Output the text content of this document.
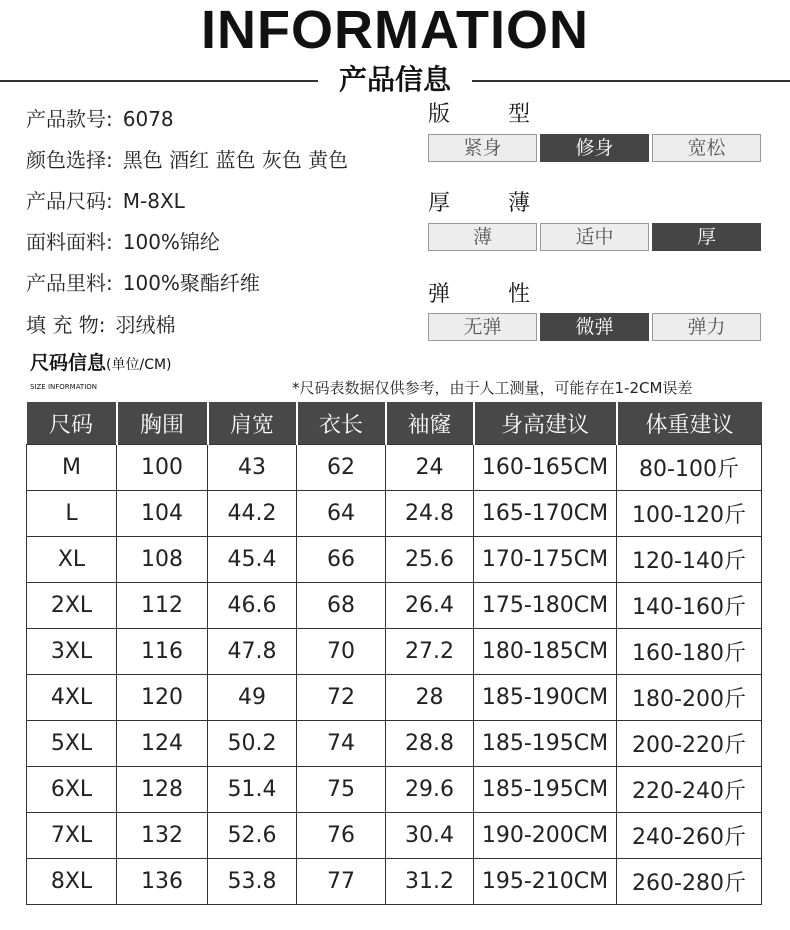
INFORMATION
产品信息
产品款号: 6078
颜色选择: 黑色 酒红 蓝色 灰色 黄色
产品尺码: M-8XL
面料面料: 100%锦纶
产品里料: 100%聚酯纤维
填 充 物: 羽绒棉
版	型
紧身	修身	宽松
厚	薄
薄	适中	厚
弹	性
无弹	微弹	弹力
尺码信息(单位/CM)
SIZE INFORMATION	*尺码表数据仅供参考，由于人工测量，可能存在1-2CM误差
尺码	胸围	肩宽	衣长	袖窿	身高建议	体重建议
M	100	43	62	24	160-165CM	80-100斤
L	104	44.2	64	24.8	165-170CM	100-120斤
XL	108	45.4	66	25.6	170-175CM	120-140斤
2XL	112	46.6	68	26.4	175-180CM	140-160斤
3XL	116	47.8	70	27.2	180-185CM	160-180斤
4XL	120	49	72	28	185-190CM	180-200斤
5XL	124	50.2	74	28.8	185-195CM	200-220斤
6XL	128	51.4	75	29.6	185-195CM	220-240斤
7XL	132	52.6	76	30.4	190-200CM	240-260斤
8XL	136	53.8	77	31.2	195-210CM	260-280斤
